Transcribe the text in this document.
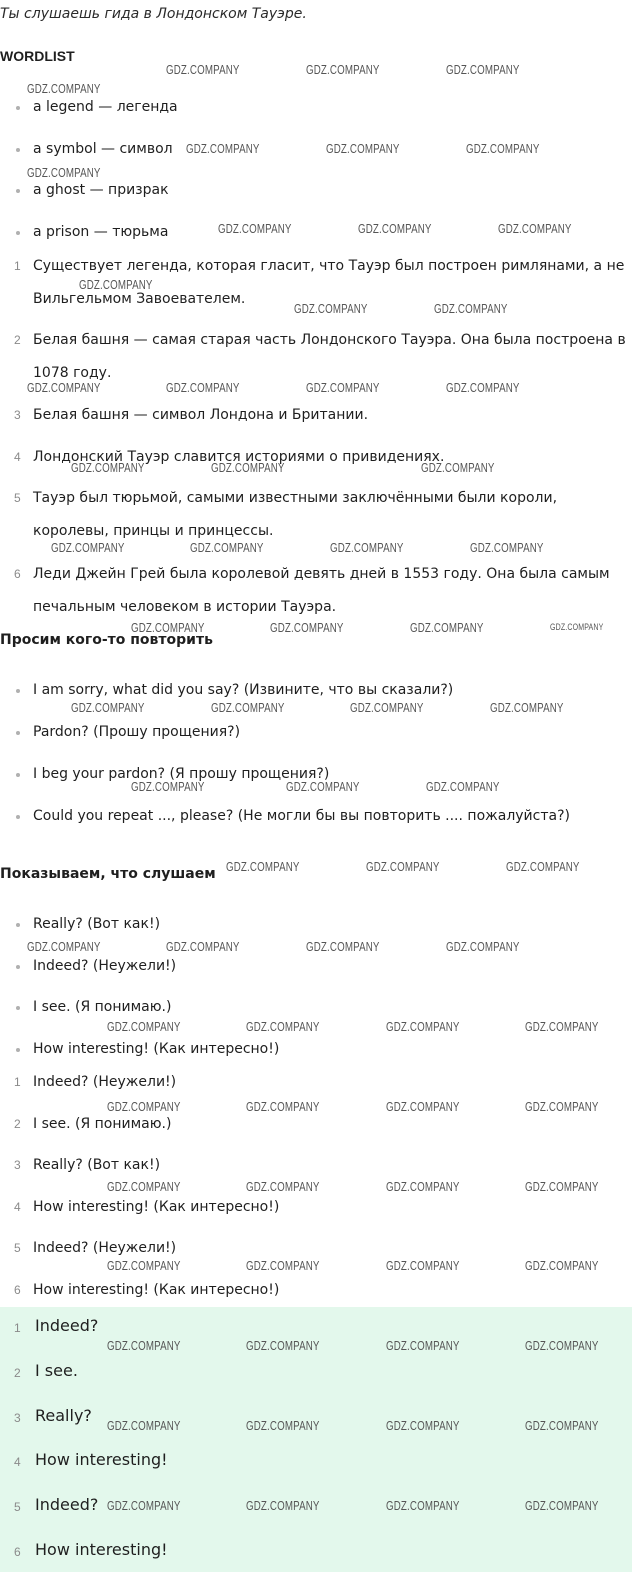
Ты слушаешь гида в Лондонском Тауэре.
WORDLIST
a legend — легенда
a symbol — символ
a ghost — призрак
a prison — тюрьма
1 Существует легенда, которая гласит, что Тауэр был построен римлянами, а не Вильгельмом Завоевателем.
2 Белая башня — самая старая часть Лондонского Тауэра. Она была построена в 1078 году.
3 Белая башня — символ Лондона и Британии.
4 Лондонский Тауэр славится историями о привидениях.
5 Тауэр был тюрьмой, самыми известными заключёнными были короли, королевы, принцы и принцессы.
6 Леди Джейн Грей была королевой девять дней в 1553 году. Она была самым печальным человеком в истории Тауэра.
Просим кого-то повторить
I am sorry, what did you say? (Извините, что вы сказали?)
Pardon? (Прошу прощения?)
I beg your pardon? (Я прошу прощения?)
Could you repeat ..., please? (Не могли бы вы повторить .... пожалуйста?)
Показываем, что слушаем
Really? (Вот как!)
Indeed? (Неужели!)
I see. (Я понимаю.)
How interesting! (Как интересно!)
1 Indeed? (Неужели!)
2 I see. (Я понимаю.)
3 Really? (Вот как!)
4 How interesting! (Как интересно!)
5 Indeed? (Неужели!)
6 How interesting! (Как интересно!)
1 Indeed?
2 I see.
3 Really?
4 How interesting!
5 Indeed?
6 How interesting!
GDZ.COMPANY	GDZ.COMPANY	GDZ.COMPANY
GDZ.COMPANY
GDZ.COMPANY	GDZ.COMPANY	GDZ.COMPANY
GDZ.COMPANY
GDZ.COMPANY	GDZ.COMPANY	GDZ.COMPANY
GDZ.COMPANY
GDZ.COMPANY	GDZ.COMPANY
GDZ.COMPANY	GDZ.COMPANY	GDZ.COMPANY	GDZ.COMPANY
GDZ.COMPANY	GDZ.COMPANY	GDZ.COMPANY
GDZ.COMPANY	GDZ.COMPANY	GDZ.COMPANY	GDZ.COMPANY
GDZ.COMPANY	GDZ.COMPANY	GDZ.COMPANY	GDZ.COMPANY
GDZ.COMPANY	GDZ.COMPANY	GDZ.COMPANY	GDZ.COMPANY
GDZ.COMPANY	GDZ.COMPANY	GDZ.COMPANY
GDZ.COMPANY	GDZ.COMPANY	GDZ.COMPANY
GDZ.COMPANY	GDZ.COMPANY	GDZ.COMPANY	GDZ.COMPANY
GDZ.COMPANY	GDZ.COMPANY	GDZ.COMPANY	GDZ.COMPANY
GDZ.COMPANY	GDZ.COMPANY	GDZ.COMPANY	GDZ.COMPANY
GDZ.COMPANY	GDZ.COMPANY	GDZ.COMPANY	GDZ.COMPANY
GDZ.COMPANY	GDZ.COMPANY	GDZ.COMPANY	GDZ.COMPANY
GDZ.COMPANY	GDZ.COMPANY	GDZ.COMPANY	GDZ.COMPANY
GDZ.COMPANY	GDZ.COMPANY	GDZ.COMPANY	GDZ.COMPANY
GDZ.COMPANY	GDZ.COMPANY	GDZ.COMPANY	GDZ.COMPANY
